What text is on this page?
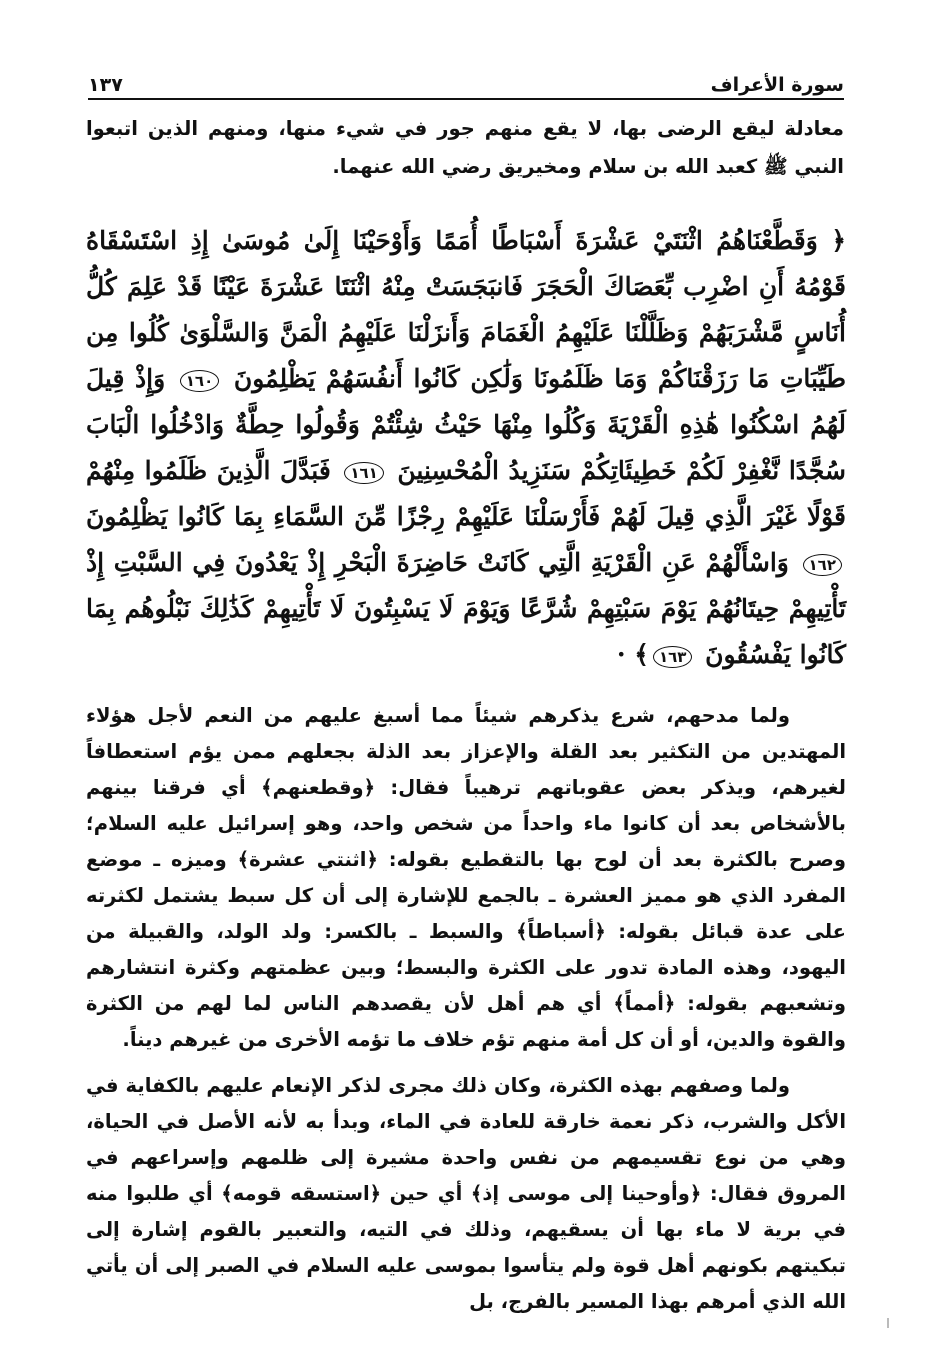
سورة الأعراف
١٣٧
معادلة ليقع الرضى بها، لا يقع منهم جور في شيء منها، ومنهم الذين اتبعوا النبي ﷺ كعبد الله بن سلام ومخيريق رضي الله عنهما.
﴿ وَقَطَّعْنَاهُمُ اثْنَتَيْ عَشْرَةَ أَسْبَاطًا أُمَمًا وَأَوْحَيْنَا إِلَىٰ مُوسَىٰ إِذِ اسْتَسْقَاهُ قَوْمُهُ أَنِ اضْرِب بِّعَصَاكَ الْحَجَرَ فَانبَجَسَتْ مِنْهُ اثْنَتَا عَشْرَةَ عَيْنًا قَدْ عَلِمَ كُلُّ أُنَاسٍ مَّشْرَبَهُمْ وَظَلَّلْنَا عَلَيْهِمُ الْغَمَامَ وَأَنزَلْنَا عَلَيْهِمُ الْمَنَّ وَالسَّلْوَىٰ كُلُوا مِن طَيِّبَاتِ مَا رَزَقْنَاكُمْ وَمَا ظَلَمُونَا وَلَٰكِن كَانُوا أَنفُسَهُمْ يَظْلِمُونَ ١٦٠ وَإِذْ قِيلَ لَهُمُ اسْكُنُوا هَٰذِهِ الْقَرْيَةَ وَكُلُوا مِنْهَا حَيْثُ شِئْتُمْ وَقُولُوا حِطَّةٌ وَادْخُلُوا الْبَابَ سُجَّدًا نَّغْفِرْ لَكُمْ خَطِيئَاتِكُمْ سَنَزِيدُ الْمُحْسِنِينَ ١٦١ فَبَدَّلَ الَّذِينَ ظَلَمُوا مِنْهُمْ قَوْلًا غَيْرَ الَّذِي قِيلَ لَهُمْ فَأَرْسَلْنَا عَلَيْهِمْ رِجْزًا مِّنَ السَّمَاءِ بِمَا كَانُوا يَظْلِمُونَ ١٦٢ وَاسْأَلْهُمْ عَنِ الْقَرْيَةِ الَّتِي كَانَتْ حَاضِرَةَ الْبَحْرِ إِذْ يَعْدُونَ فِي السَّبْتِ إِذْ تَأْتِيهِمْ حِيتَانُهُمْ يَوْمَ سَبْتِهِمْ شُرَّعًا وَيَوْمَ لَا يَسْبِتُونَ لَا تَأْتِيهِمْ كَذَٰلِكَ نَبْلُوهُم بِمَا كَانُوا يَفْسُقُونَ ١٦٣﴾ ·

ولما مدحهم، شرع يذكرهم شيئاً مما أسبغ عليهم من النعم لأجل هؤلاء المهتدين من التكثير بعد القلة والإعزاز بعد الذلة بجعلهم ممن يؤم استعطافاً لغيرهم، ويذكر بعض عقوباتهم ترهيباً فقال: ﴿وقطعنهم﴾ أي فرقنا بينهم بالأشخاص بعد أن كانوا ماء واحداً من شخص واحد، وهو إسرائيل عليه السلام؛ وصرح بالكثرة بعد أن لوح بها بالتقطيع بقوله: ﴿اثنتي عشرة﴾ وميزه ـ موضع المفرد الذي هو مميز العشرة ـ بالجمع للإشارة إلى أن كل سبط يشتمل لكثرته على عدة قبائل بقوله: ﴿أسباطاً﴾ والسبط ـ بالكسر: ولد الولد، والقبيلة من اليهود، وهذه المادة تدور على الكثرة والبسط؛ وبين عظمتهم وكثرة انتشارهم وتشعبهم بقوله: ﴿أمماً﴾ أي هم أهل لأن يقصدهم الناس لما لهم من الكثرة والقوة والدين، أو أن كل أمة منهم تؤم خلاف ما تؤمه الأخرى من غيرهم ديناً.

ولما وصفهم بهذه الكثرة، وكان ذلك مجرى لذكر الإنعام عليهم بالكفاية في الأكل والشرب، ذكر نعمة خارقة للعادة في الماء، وبدأ به لأنه الأصل في الحياة، وهي من نوع تقسيمهم من نفس واحدة مشيرة إلى ظلمهم وإسراعهم في المروق فقال: ﴿وأوحينا إلى موسى إذ﴾ أي حين ﴿استسقه قومه﴾ أي طلبوا منه في برية لا ماء بها أن يسقيهم، وذلك في التيه، والتعبير بالقوم إشارة إلى تبكيتهم بكونهم أهل قوة ولم يتأسوا بموسى عليه السلام في الصبر إلى أن يأتي الله الذي أمرهم بهذا المسير بالفرج، بل
